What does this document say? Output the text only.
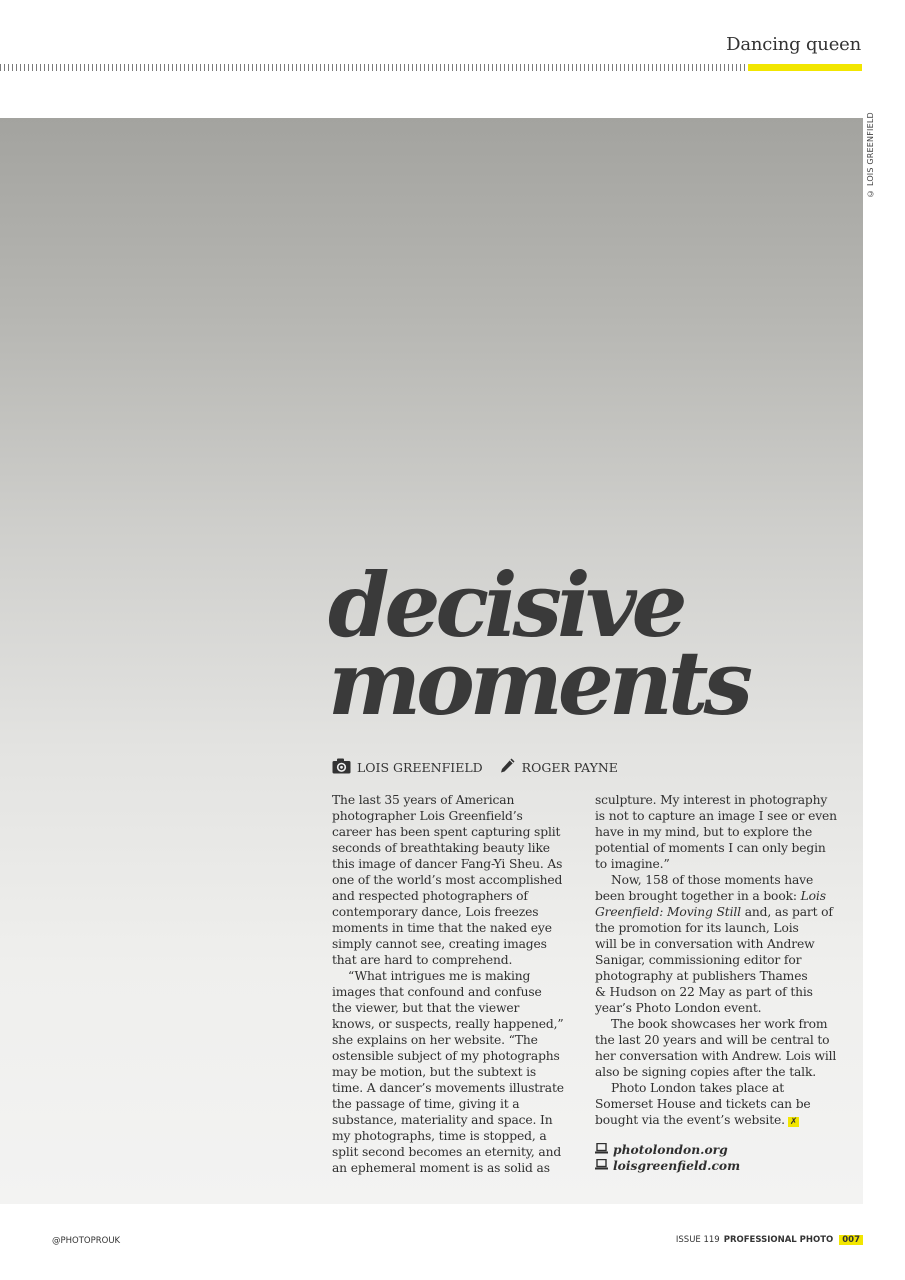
Dancing queen
© LOIS GREENFIELD
decisive
moments
LOIS GREENFIELD	ROGER PAYNE

The last 35 years of American

photographer Lois Greenfield’s

career has been spent capturing split

seconds of breathtaking beauty like

this image of dancer Fang-Yi Sheu. As

one of the world’s most accomplished

and respected photographers of

contemporary dance, Lois freezes

moments in time that the naked eye

simply cannot see, creating images

that are hard to comprehend.

“What intrigues me is making

images that confound and confuse

the viewer, but that the viewer

knows, or suspects, really happened,”

she explains on her website. “The

ostensible subject of my photographs

may be motion, but the subtext is

time. A dancer’s movements illustrate

the passage of time, giving it a

substance, materiality and space. In

my photographs, time is stopped, a

split second becomes an eternity, and

an ephemeral moment is as solid as

sculpture. My interest in photography

is not to capture an image I see or even

have in my mind, but to explore the

potential of moments I can only begin

to imagine.”

Now, 158 of those moments have

been brought together in a book: Lois

Greenfield: Moving Still and, as part of

the promotion for its launch, Lois

will be in conversation with Andrew

Sanigar, commissioning editor for

photography at publishers Thames

& Hudson on 22 May as part of this

year’s Photo London event.

The book showcases her work from

the last 20 years and will be central to

her conversation with Andrew. Lois will

also be signing copies after the talk.

Photo London takes place at

Somerset House and tickets can be

bought via the event’s website. ✗

photolondon.org
loisgreenfield.com
@PHOTOPROUK	ISSUE 119 PROFESSIONAL PHOTO	007
